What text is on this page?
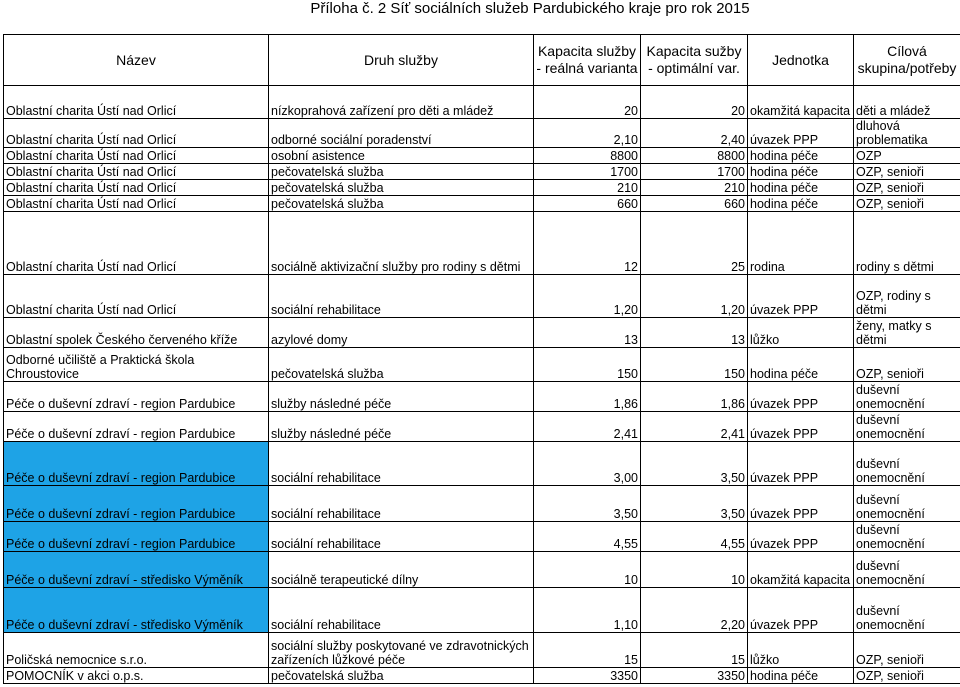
Příloha č. 2 Síť sociálních služeb Pardubického kraje pro rok 2015
Název	Druh služby	Kapacita služby - reálná varianta	Kapacita sužby - optimální var.	Jednotka	Cílová skupina/potřeby
Oblastní charita Ústí nad Orlicí	nízkoprahová zařízení pro děti a mládež	20	20	okamžitá kapacita	děti a mládež
Oblastní charita Ústí nad Orlicí	odborné sociální poradenství	2,10	2,40	úvazek PPP	dluhová problematika
Oblastní charita Ústí nad Orlicí	osobní asistence	8800	8800	hodina péče	OZP
Oblastní charita Ústí nad Orlicí	pečovatelská služba	1700	1700	hodina péče	OZP, senioři
Oblastní charita Ústí nad Orlicí	pečovatelská služba	210	210	hodina péče	OZP, senioři
Oblastní charita Ústí nad Orlicí	pečovatelská služba	660	660	hodina péče	OZP, senioři
Oblastní charita Ústí nad Orlicí	sociálně aktivizační služby pro rodiny s dětmi	12	25	rodina	rodiny s dětmi
Oblastní charita Ústí nad Orlicí	sociální rehabilitace	1,20	1,20	úvazek PPP	OZP, rodiny s dětmi
Oblastní spolek Českého červeného kříže	azylové domy	13	13	lůžko	ženy, matky s dětmi
Odborné učiliště a Praktická škola Chroustovice	pečovatelská služba	150	150	hodina péče	OZP, senioři
Péče o duševní zdraví - region Pardubice	služby následné péče	1,86	1,86	úvazek PPP	duševní onemocnění
Péče o duševní zdraví - region Pardubice	služby následné péče	2,41	2,41	úvazek PPP	duševní onemocnění
Péče o duševní zdraví - region Pardubice	sociální rehabilitace	3,00	3,50	úvazek PPP	duševní onemocnění
Péče o duševní zdraví - region Pardubice	sociální rehabilitace	3,50	3,50	úvazek PPP	duševní onemocnění
Péče o duševní zdraví - region Pardubice	sociální rehabilitace	4,55	4,55	úvazek PPP	duševní onemocnění
Péče o duševní zdraví - středisko Výměník	sociálně terapeutické dílny	10	10	okamžitá kapacita	duševní onemocnění
Péče o duševní zdraví - středisko Výměník	sociální rehabilitace	1,10	2,20	úvazek PPP	duševní onemocnění
Poličská nemocnice s.r.o.	sociální služby poskytované ve zdravotnických zařízeních lůžkové péče	15	15	lůžko	OZP, senioři
POMOCNÍK v akci o.p.s.	pečovatelská služba	3350	3350	hodina péče	OZP, senioři
